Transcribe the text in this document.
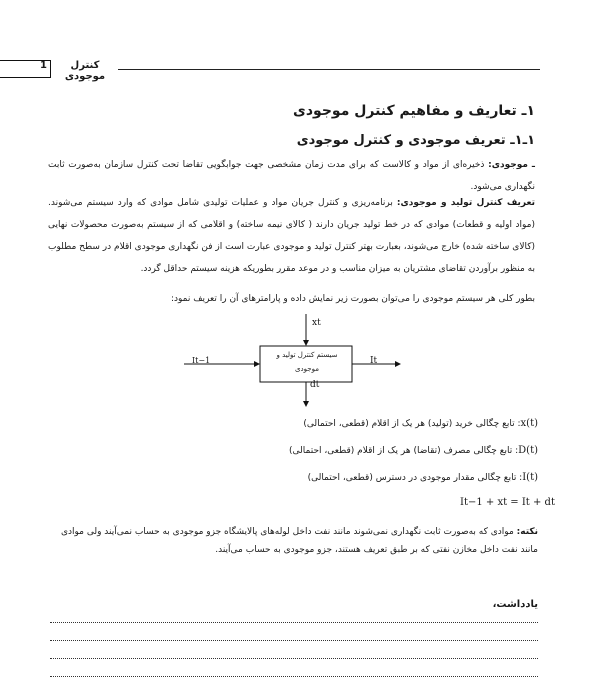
1	کنترل موجودی
۱ـ تعاریف و مفاهیم کنترل موجودی
۱ـ۱ـ تعریف موجودی و کنترل موجودی
ـ موجودی: ذخیره‌ای از مواد و کالاست که برای مدت زمان مشخصی جهت جوابگویی تقاضا تحت کنترل سازمان به‌صورت ثابت نگهداری می‌شود.
تعریف کنترل تولید و موجودی: برنامه‌ریزی و کنترل جریان مواد و عملیات تولیدی شامل موادی که وارد سیستم می‌شوند. (مواد اولیه و قطعات) موادی که در خط تولید جریان دارند ( کالای نیمه ساخته) و اقلامی که از سیستم به‌صورت محصولات نهایی (کالای ساخته شده) خارج می‌شوند، بعبارت بهتر کنترل تولید و موجودی عبارت است از فن نگهداری موجودی اقلام در سطح مطلوب به منظور برآوردن تقاضای مشتریان به میزان مناسب و در موعد مقرر بطوریکه هزینه سیستم حداقل گردد.
بطور کلی هر سیستم موجودی را می‌توان بصورت زیر نمایش داده و پارامترهای آن را تعریف نمود:
xt
It−1	It
dt
سیستم کنترل تولید و
موجودی
x(t): تابع چگالی خرید (تولید) هر یک از اقلام (قطعی، احتمالی)
D(t): تابع چگالی مصرف (تقاضا) هر یک از اقلام (قطعی، احتمالی)
I(t): تابع چگالی مقدار موجودی در دسترس (قطعی، احتمالی)
It−1 + xt = It + dt
نکته: موادی که به‌صورت ثابت نگهداری نمی‌شوند مانند نفت داخل لوله‌های پالایشگاه جزو موجودی به حساب نمی‌آیند ولی موادی مانند نفت داخل مخازن نفتی که بر طبق تعریف هستند، جزو موجودی به حساب می‌آیند.
یادداشت،
